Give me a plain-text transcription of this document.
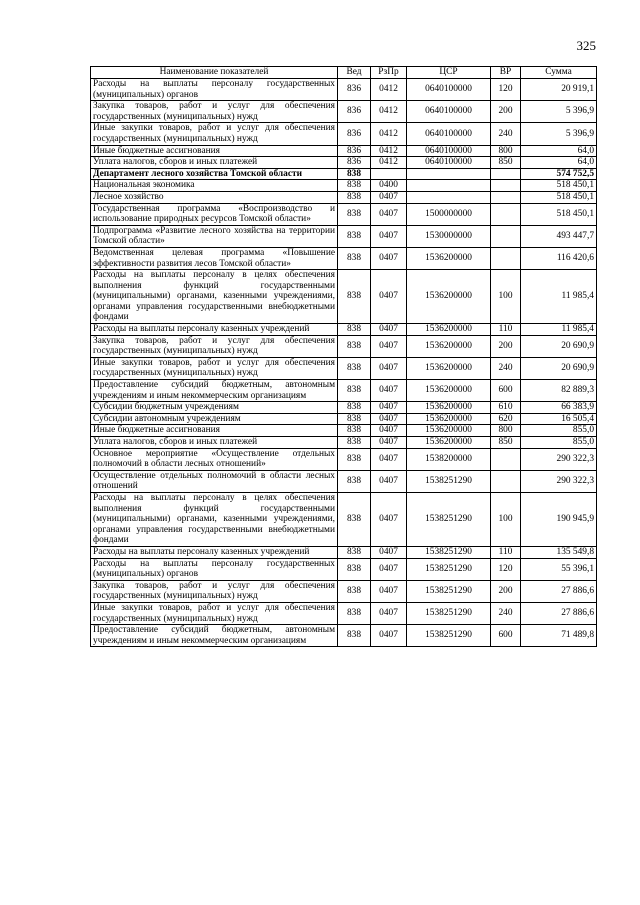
325
Наименование показателей	Вед	РзПр	ЦСР	ВР	Сумма
Расходы на выплаты персоналу государственных (муниципальных) органов	836	0412	0640100000	120	20 919,1
Закупка товаров, работ и услуг для обеспечения государственных (муниципальных) нужд	836	0412	0640100000	200	5 396,9
Иные закупки товаров, работ и услуг для обеспечения государственных (муниципальных) нужд	836	0412	0640100000	240	5 396,9
Иные бюджетные ассигнования	836	0412	0640100000	800	64,0
Уплата налогов, сборов и иных платежей	836	0412	0640100000	850	64,0
Департамент лесного хозяйства Томской области	838				574 752,5
Национальная экономика	838	0400			518 450,1
Лесное хозяйство	838	0407			518 450,1
Государственная программа «Воспроизводство и использование природных ресурсов Томской области»	838	0407	1500000000		518 450,1
Подпрограмма «Развитие лесного хозяйства на территории Томской области»	838	0407	1530000000		493 447,7
Ведомственная целевая программа «Повышение эффективности развития лесов Томской области»	838	0407	1536200000		116 420,6
Расходы на выплаты персоналу в целях обеспечения выполнения функций государственными (муниципальными) органами, казенными учреждениями, органами управления государственными внебюджетными фондами	838	0407	1536200000	100	11 985,4
Расходы на выплаты персоналу казенных учреждений	838	0407	1536200000	110	11 985,4
Закупка товаров, работ и услуг для обеспечения государственных (муниципальных) нужд	838	0407	1536200000	200	20 690,9
Иные закупки товаров, работ и услуг для обеспечения государственных (муниципальных) нужд	838	0407	1536200000	240	20 690,9
Предоставление субсидий бюджетным, автономным учреждениям и иным некоммерческим организациям	838	0407	1536200000	600	82 889,3
Субсидии бюджетным учреждениям	838	0407	1536200000	610	66 383,9
Субсидии автономным учреждениям	838	0407	1536200000	620	16 505,4
Иные бюджетные ассигнования	838	0407	1536200000	800	855,0
Уплата налогов, сборов и иных платежей	838	0407	1536200000	850	855,0
Основное мероприятие «Осуществление отдельных полномочий в области лесных отношений»	838	0407	1538200000		290 322,3
Осуществление отдельных полномочий в области лесных отношений	838	0407	1538251290		290 322,3
Расходы на выплаты персоналу в целях обеспечения выполнения функций государственными (муниципальными) органами, казенными учреждениями, органами управления государственными внебюджетными фондами	838	0407	1538251290	100	190 945,9
Расходы на выплаты персоналу казенных учреждений	838	0407	1538251290	110	135 549,8
Расходы на выплаты персоналу государственных (муниципальных) органов	838	0407	1538251290	120	55 396,1
Закупка товаров, работ и услуг для обеспечения государственных (муниципальных) нужд	838	0407	1538251290	200	27 886,6
Иные закупки товаров, работ и услуг для обеспечения государственных (муниципальных) нужд	838	0407	1538251290	240	27 886,6
Предоставление субсидий бюджетным, автономным учреждениям и иным некоммерческим организациям	838	0407	1538251290	600	71 489,8
